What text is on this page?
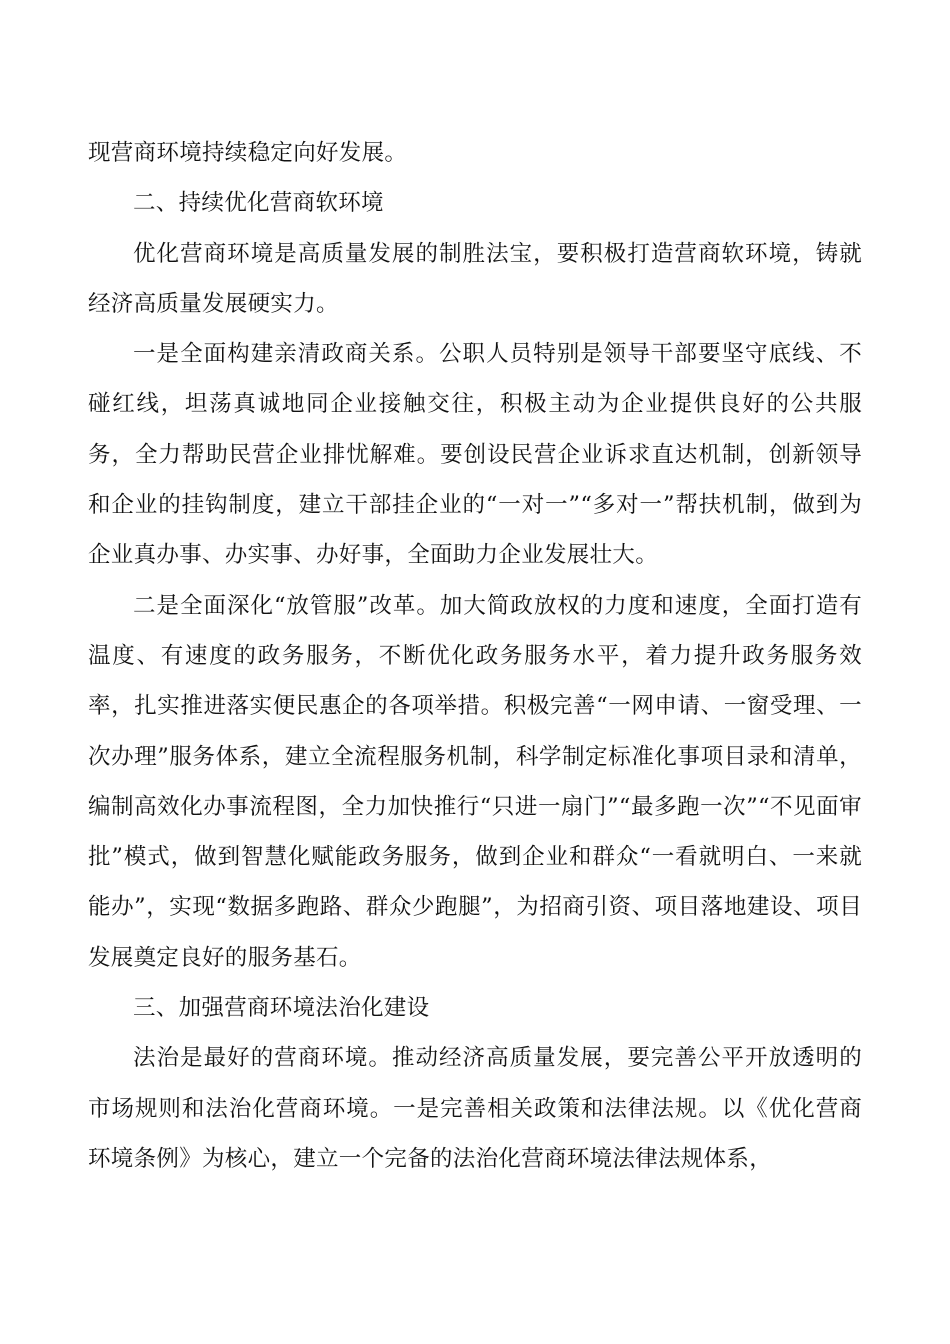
现营商环境持续稳定向好发展。

二、持续优化营商软环境

优化营商环境是高质量发展的制胜法宝，要积极打造营商软环境，铸就经济高质量发展硬实力。

一是全面构建亲清政商关系。公职人员特别是领导干部要坚守底线、不碰红线，坦荡真诚地同企业接触交往，积极主动为企业提供良好的公共服务，全力帮助民营企业排忧解难。要创设民营企业诉求直达机制，创新领导和企业的挂钩制度，建立干部挂企业的“一对一”“多对一”帮扶机制，做到为企业真办事、办实事、办好事，全面助力企业发展壮大。

二是全面深化“放管服”改革。加大简政放权的力度和速度，全面打造有温度、有速度的政务服务，不断优化政务服务水平，着力提升政务服务效率，扎实推进落实便民惠企的各项举措。积极完善“一网申请、一窗受理、一次办理”服务体系，建立全流程服务机制，科学制定标准化事项目录和清单，编制高效化办事流程图，全力加快推行“只进一扇门”“最多跑一次”“不见面审批”模式，做到智慧化赋能政务服务，做到企业和群众“一看就明白、一来就能办”，实现“数据多跑路、群众少跑腿”，为招商引资、项目落地建设、项目发展奠定良好的服务基石。

三、加强营商环境法治化建设

法治是最好的营商环境。推动经济高质量发展，要完善公平开放透明的市场规则和法治化营商环境。一是完善相关政策和法律法规。以《优化营商环境条例》为核心，建立一个完备的法治化营商环境法律法规体系，
